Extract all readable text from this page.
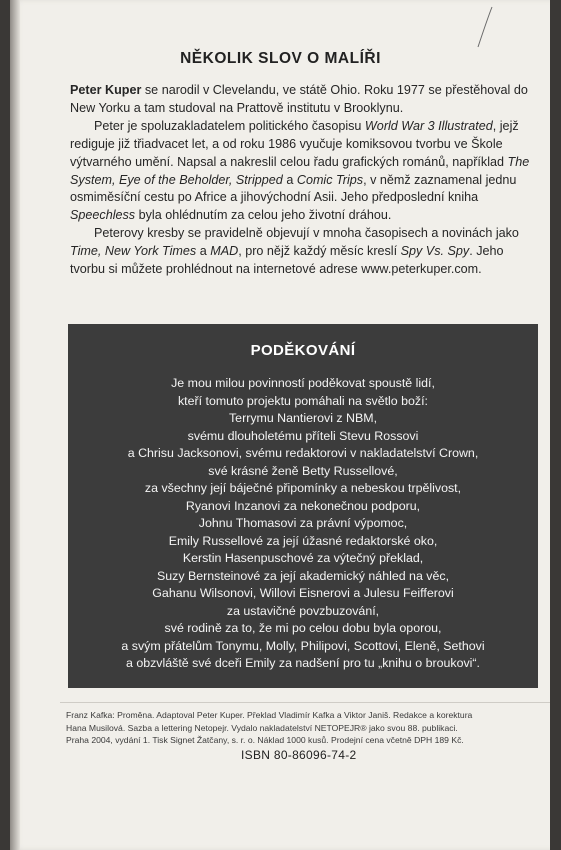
NĚKOLIK SLOV O MALÍŘI

Peter Kuper se narodil v Clevelandu, ve státě Ohio. Roku 1977 se přestěhoval do New Yorku a tam studoval na Prattově institutu v Brooklynu.

Peter je spoluzakladatelem politického časopisu World War 3 Illustrated, jejž rediguje již třiadvacet let, a od roku 1986 vyučuje komiksovou tvorbu ve Škole výtvarného umění. Napsal a nakreslil celou řadu grafických románů, například The System, Eye of the Beholder, Stripped a Comic Trips, v němž zaznamenal jednu osmiměsíční cestu po Africe a jihovýchodní Asii. Jeho předposlední kniha Speechless byla ohlédnutím za celou jeho životní dráhou.

Peterovy kresby se pravidelně objevují v mnoha časopisech a novinách jako Time, New York Times a MAD, pro nějž každý měsíc kreslí Spy Vs. Spy. Jeho tvorbu si můžete prohlédnout na internetové adrese www.peterkuper.com.

PODĚKOVÁNÍ
Je mou milou povinností poděkovat spoustě lidí,
kteří tomuto projektu pomáhali na světlo boží:
Terrymu Nantierovi z NBM,
svému dlouholetému příteli Stevu Rossovi
a Chrisu Jacksonovi, svému redaktorovi v nakladatelství Crown,
své krásné ženě Betty Russellové,
za všechny její báječné připomínky a nebeskou trpělivost,
Ryanovi Inzanovi za nekonečnou podporu,
Johnu Thomasovi za právní výpomoc,
Emily Russellové za její úžasné redaktorské oko,
Kerstin Hasenpuschové za výtečný překlad,
Suzy Bernsteinové za její akademický náhled na věc,
Gahanu Wilsonovi, Willovi Eisnerovi a Julesu Feifferovi
za ustavičné povzbuzování,
své rodině za to, že mi po celou dobu byla oporou,
a svým přátelům Tonymu, Molly, Philipovi, Scottovi, Eleně, Sethovi
a obzvláště své dceři Emily za nadšení pro tu „knihu o broukovi“.
Franz Kafka: Proměna. Adaptoval Peter Kuper. Překlad Vladimír Kafka a Viktor Janiš. Redakce a korektura
Hana Musilová. Sazba a lettering Netopejr. Vydalo nakladatelství NETOPEJR® jako svou 88. publikaci.
Praha 2004, vydání 1. Tisk Signet Žatčany, s. r. o. Náklad 1000 kusů. Prodejní cena včetně DPH 189 Kč.
ISBN 80-86096-74-2
